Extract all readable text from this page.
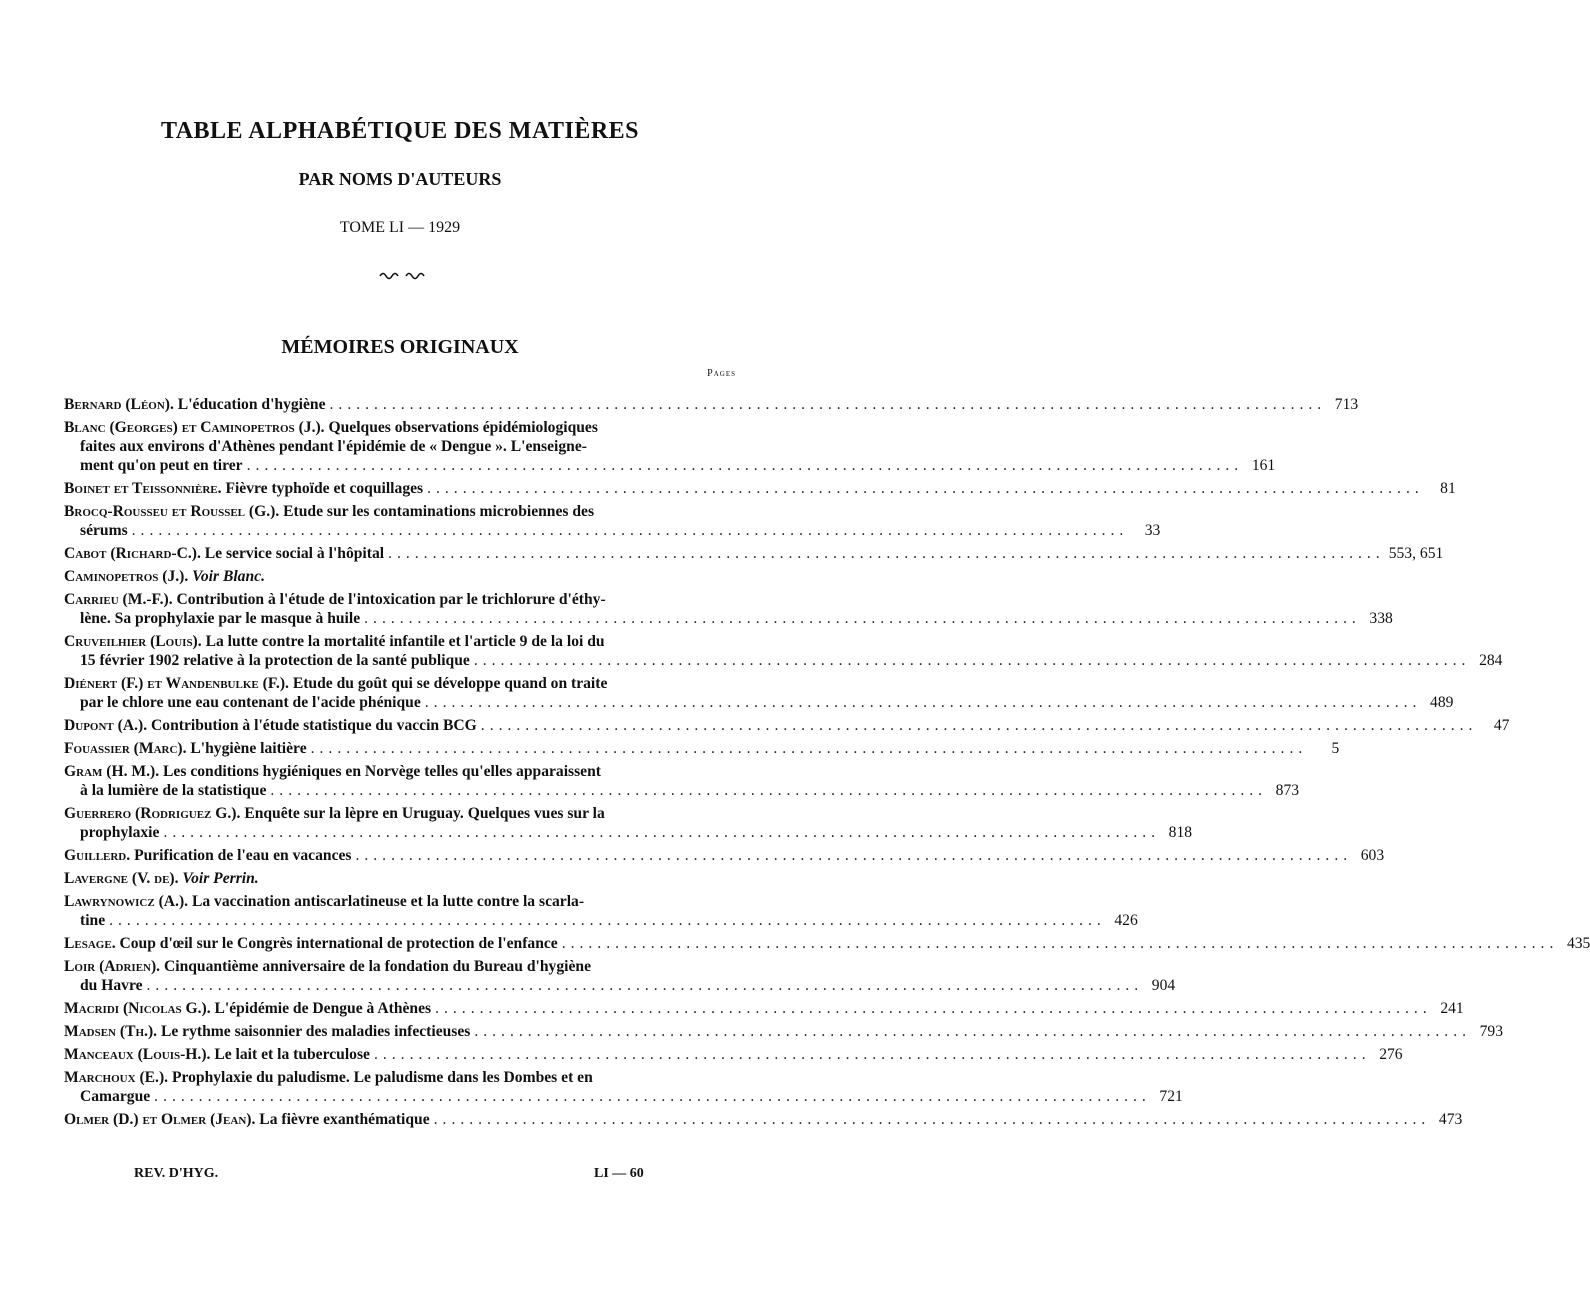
TABLE ALPHABÉTIQUE DES MATIÈRES
PAR NOMS D'AUTEURS
TOME LI — 1929
MÉMOIRES ORIGINAUX
Pages
Bernard (Léon). L'éducation d'hygiène .....	713
Blanc (Georges) et Caminopetros (J.). Quelques observations épidémiologiques
faites aux environs d'Athènes pendant l'épidémie de « Dengue ». L'enseigne-
ment qu'on peut en tirer .....	161
Boinet et Teissonnière. Fièvre typhoïde et coquillages .....	81
Brocq-Rousseu et Roussel (G.). Etude sur les contaminations microbiennes des
sérums .....	33
Cabot (Richard-C.). Le service social à l'hôpital .....	553, 651
Caminopetros (J.). Voir Blanc.
Carrieu (M.-F.). Contribution à l'étude de l'intoxication par le trichlorure d'éthy-
lène. Sa prophylaxie par le masque à huile .....	338
Cruveilhier (Louis). La lutte contre la mortalité infantile et l'article 9 de la loi du
15 février 1902 relative à la protection de la santé publique .....	284
Diénert (F.) et Wandenbulke (F.). Etude du goût qui se développe quand on traite
par le chlore une eau contenant de l'acide phénique .....	489
Dupont (A.). Contribution à l'étude statistique du vaccin BCG .....	47
Fouassier (Marc). L'hygiène laitière .....	5
Gram (H. M.). Les conditions hygiéniques en Norvège telles qu'elles apparaissent
à la lumière de la statistique .....	873
Guerrero (Rodriguez G.). Enquête sur la lèpre en Uruguay. Quelques vues sur la
prophylaxie .....	818
Guillerd. Purification de l'eau en vacances .....	603
Lavergne (V. de). Voir Perrin.
Lawrynowicz (A.). La vaccination antiscarlatineuse et la lutte contre la scarla-
tine .....	426
Lesage. Coup d'œil sur le Congrès international de protection de l'enfance .....	435
Loir (Adrien). Cinquantième anniversaire de la fondation du Bureau d'hygiène
du Havre .....	904
Macridi (Nicolas G.). L'épidémie de Dengue à Athènes .....	241
Madsen (Th.). Le rythme saisonnier des maladies infectieuses .....	793
Manceaux (Louis-H.). Le lait et la tuberculose .....	276
Marchoux (E.). Prophylaxie du paludisme. Le paludisme dans les Dombes et en
Camargue .....	721
Olmer (D.) et Olmer (Jean). La fièvre exanthématique .....	473
REV. D'HYG.	LI — 60
